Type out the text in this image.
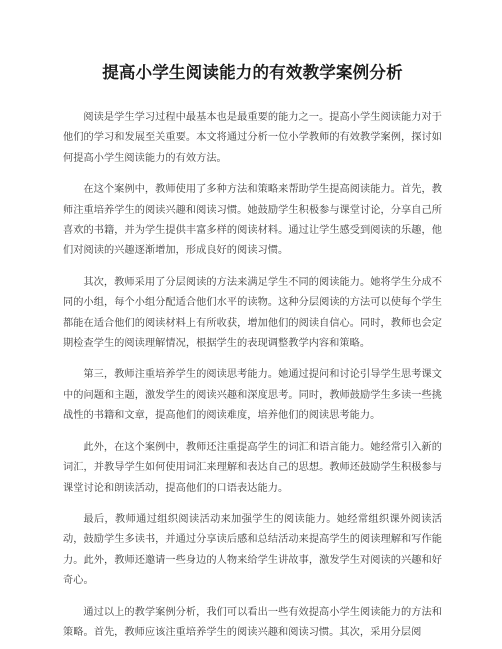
提高小学生阅读能力的有效教学案例分析

阅读是学生学习过程中最基本也是最重要的能力之一。提高小学生阅读能力对于他们的学习和发展至关重要。本文将通过分析一位小学教师的有效教学案例，探讨如何提高小学生阅读能力的有效方法。

在这个案例中，教师使用了多种方法和策略来帮助学生提高阅读能力。首先，教师注重培养学生的阅读兴趣和阅读习惯。她鼓励学生积极参与课堂讨论，分享自己所喜欢的书籍，并为学生提供丰富多样的阅读材料。通过让学生感受到阅读的乐趣，他们对阅读的兴趣逐渐增加，形成良好的阅读习惯。

其次，教师采用了分层阅读的方法来满足学生不同的阅读能力。她将学生分成不同的小组，每个小组分配适合他们水平的读物。这种分层阅读的方法可以使每个学生都能在适合他们的阅读材料上有所收获，增加他们的阅读自信心。同时，教师也会定期检查学生的阅读理解情况，根据学生的表现调整教学内容和策略。

第三，教师注重培养学生的阅读思考能力。她通过提问和讨论引导学生思考课文中的问题和主题，激发学生的阅读兴趣和深度思考。同时，教师鼓励学生多读一些挑战性的书籍和文章，提高他们的阅读难度，培养他们的阅读思考能力。

此外，在这个案例中，教师还注重提高学生的词汇和语言能力。她经常引入新的词汇，并教导学生如何使用词汇来理解和表达自己的思想。教师还鼓励学生积极参与课堂讨论和朗读活动，提高他们的口语表达能力。

最后，教师通过组织阅读活动来加强学生的阅读能力。她经常组织课外阅读活动，鼓励学生多读书，并通过分享读后感和总结活动来提高学生的阅读理解和写作能力。此外，教师还邀请一些身边的人物来给学生讲故事，激发学生对阅读的兴趣和好奇心。

通过以上的教学案例分析，我们可以看出一些有效提高小学生阅读能力的方法和策略。首先，教师应该注重培养学生的阅读兴趣和阅读习惯。其次，采用分层阅
